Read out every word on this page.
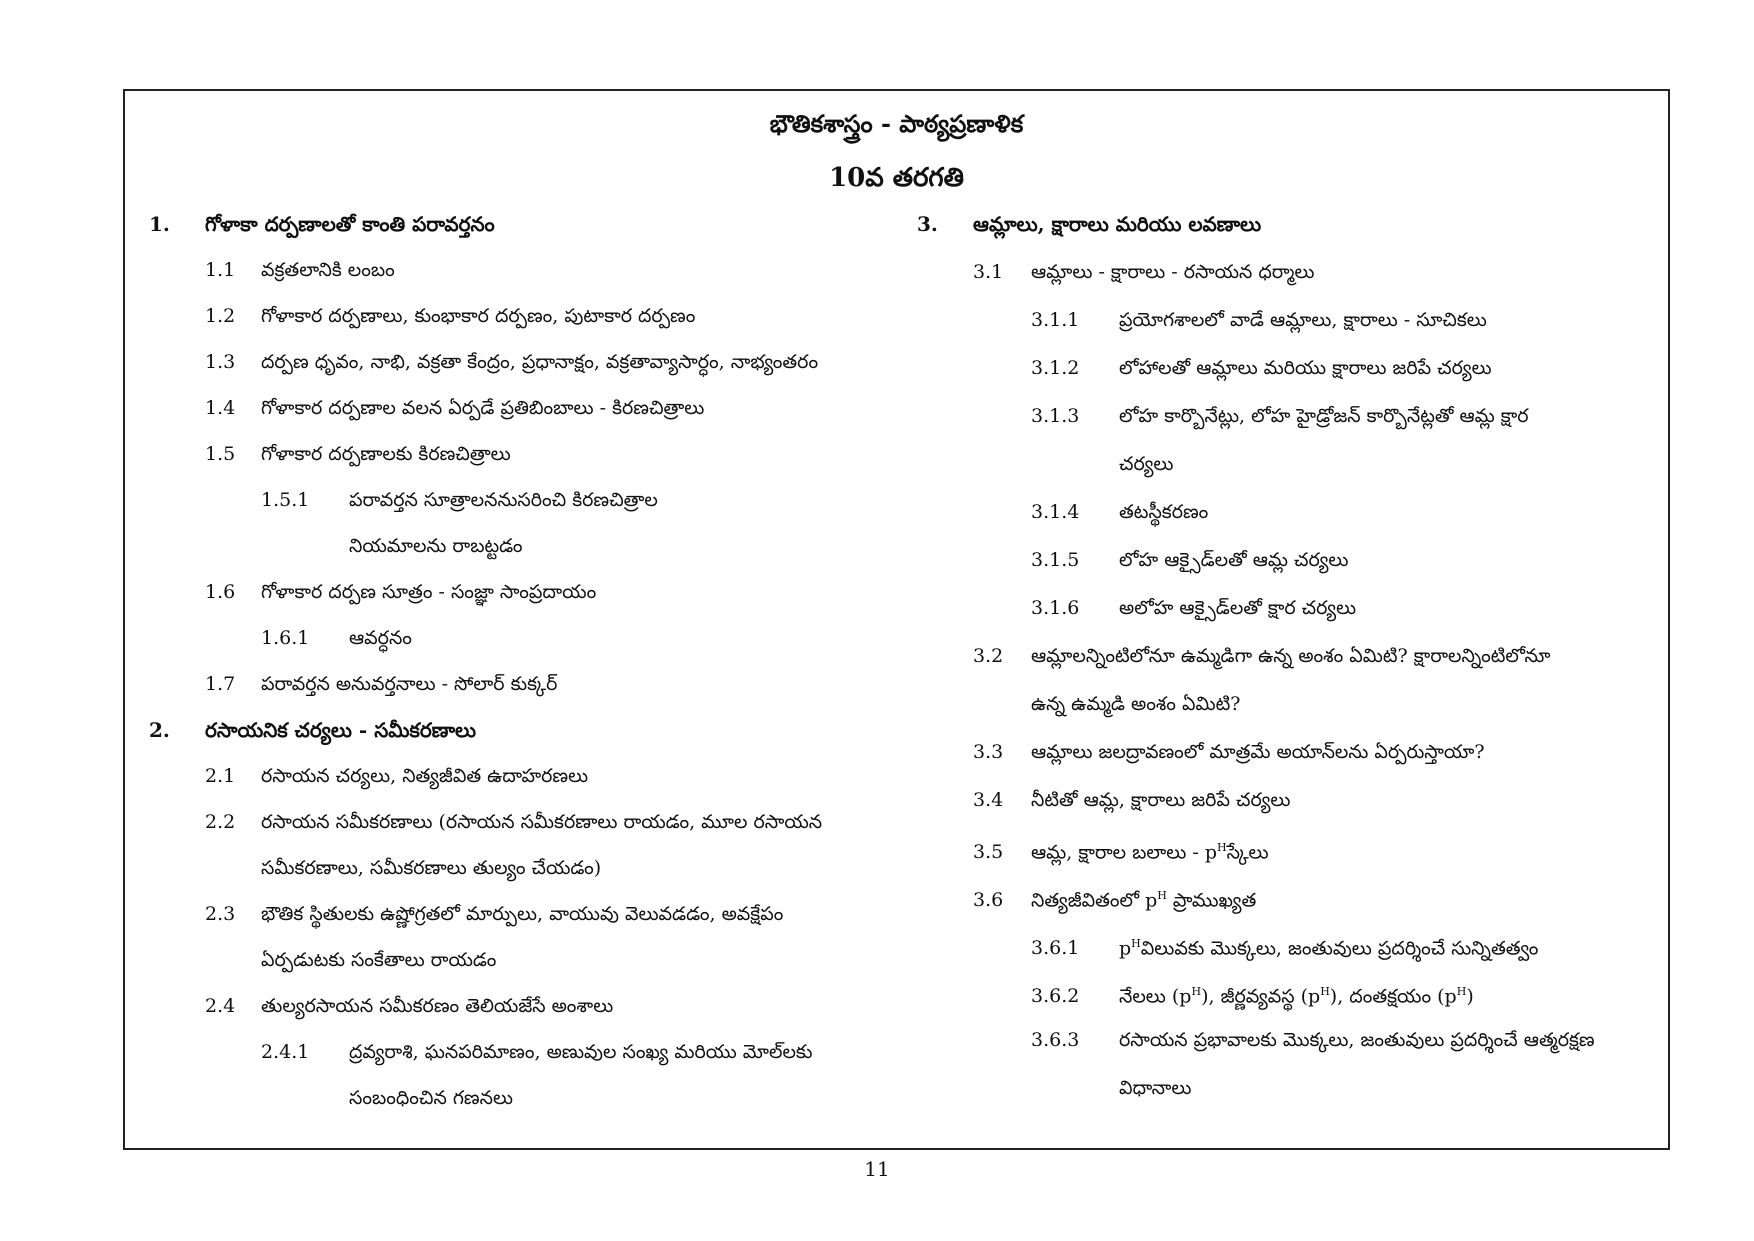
భౌతికశాస్త్రం - పాఠ్యప్రణాళిక
10వ తరగతి
1.	గోళాకా దర్పణాలతో కాంతి పరావర్తనం
1.1	వక్రతలానికి లంబం
1.2	గోళాకార దర్పణాలు, కుంభాకార దర్పణం, పుటాకార దర్పణం
1.3	దర్పణ ధృవం, నాభి, వక్రతా కేంద్రం, ప్రధానాక్షం, వక్రతావ్యాసార్ధం, నాభ్యంతరం
1.4	గోళాకార దర్పణాల వలన ఏర్పడే ప్రతిబింబాలు - కిరణచిత్రాలు
1.5	గోళాకార దర్పణాలకు కిరణచిత్రాలు
1.5.1	పరావర్తన సూత్రాలననుసరించి కిరణచిత్రాల
నియమాలను రాబట్టడం
1.6	గోళాకార దర్పణ సూత్రం - సంజ్ఞా సాంప్రదాయం
1.6.1	ఆవర్ధనం
1.7	పరావర్తన అనువర్తనాలు - సోలార్ కుక్కర్
2.	రసాయనిక చర్యలు - సమీకరణాలు
2.1	రసాయన చర్యలు, నిత్యజీవిత ఉదాహరణలు
2.2	రసాయన సమీకరణాలు (రసాయన సమీకరణాలు రాయడం, మూల రసాయన
సమీకరణాలు, సమీకరణాలు తుల్యం చేయడం)
2.3	భౌతిక స్థితులకు ఉష్ణోగ్రతలో మార్పులు, వాయువు వెలువడడం, అవక్షేపం
ఏర్పడుటకు సంకేతాలు రాయడం
2.4	తుల్యరసాయన సమీకరణం తెలియజేసే అంశాలు
2.4.1	ద్రవ్యరాశి, ఘనపరిమాణం, అణువుల సంఖ్య మరియు మోల్‌లకు
సంబంధించిన గణనలు
3.	ఆమ్లాలు, క్షారాలు మరియు లవణాలు
3.1	ఆమ్లాలు - క్షారాలు - రసాయన ధర్మాలు
3.1.1	ప్రయోగశాలలో వాడే ఆమ్లాలు, క్షారాలు - సూచికలు
3.1.2	లోహాలతో ఆమ్లాలు మరియు క్షారాలు జరిపే చర్యలు
3.1.3	లోహ కార్బొనేట్లు, లోహ హైడ్రోజన్ కార్బొనేట్లతో ఆమ్ల క్షార
చర్యలు
3.1.4	తటస్థీకరణం
3.1.5	లోహ ఆక్సైడ్‌లతో ఆమ్ల చర్యలు
3.1.6	అలోహ ఆక్సైడ్‌లతో క్షార చర్యలు
3.2	ఆమ్లాలన్నింటిలోనూ ఉమ్మడిగా ఉన్న అంశం ఏమిటి? క్షారాలన్నింటిలోనూ
ఉన్న ఉమ్మడి అంశం ఏమిటి?
3.3	ఆమ్లాలు జలద్రావణంలో మాత్రమే అయాన్‌లను ఏర్పరుస్తాయా?
3.4	నీటితో ఆమ్ల, క్షారాలు జరిపే చర్యలు
3.5	ఆమ్ల, క్షారాల బలాలు - $p^Hస్కేలు$
3.6	నిత్యజీవితంలో $p^H$ ప్రాముఖ్యత
3.6.1	$p^Hవిలువకు$ మొక్కలు, జంతువులు ప్రదర్శించే సున్నితత్వం
3.6.2	నేలలు $(p^H)$, జీర్ణవ్యవస్థ $(p^H)$, దంతక్షయం $(p^H)$
3.6.3	రసాయన ప్రభావాలకు మొక్కలు, జంతువులు ప్రదర్శించే ఆత్మరక్షణ
విధానాలు
11
